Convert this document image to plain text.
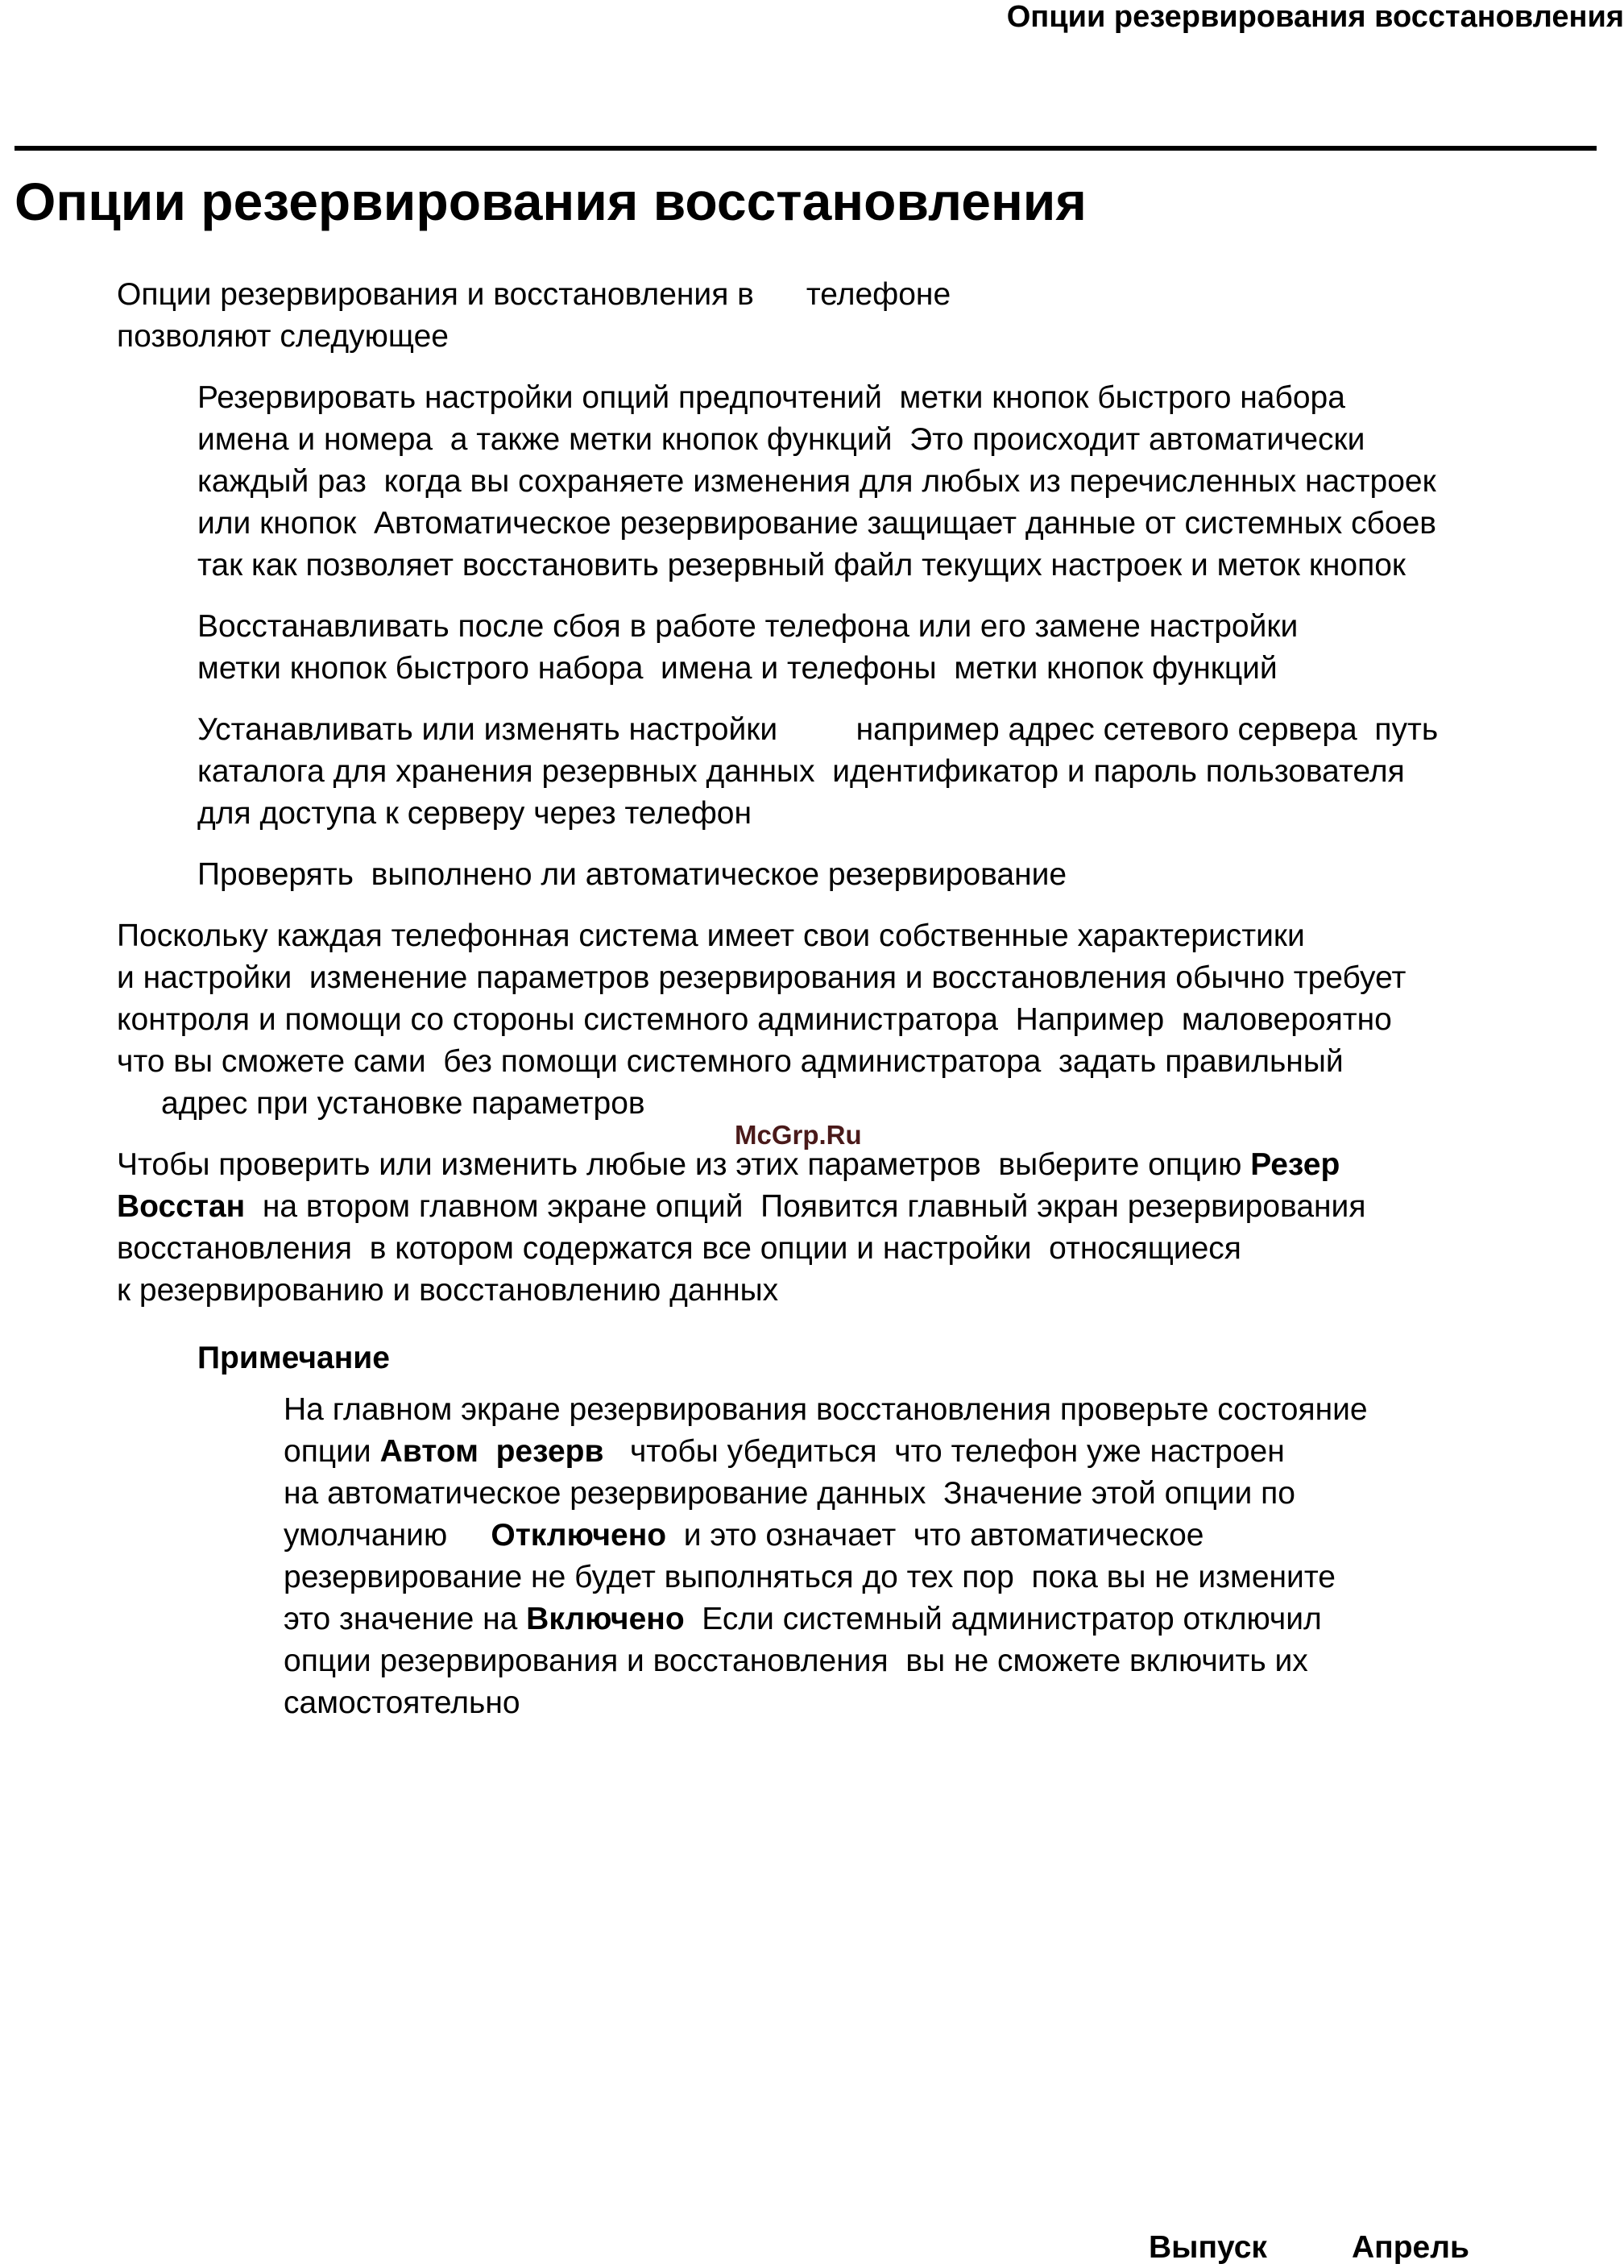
Опции резервирования восстановления
Опции резервирования восстановления
Опции резервирования и восстановления в      телефоне
позволяют следующее
Резервировать настройки опций предпочтений  метки кнопок быстрого набора
имена и номера  а также метки кнопок функций  Это происходит автоматически
каждый раз  когда вы сохраняете изменения для любых из перечисленных настроек
или кнопок  Автоматическое резервирование защищает данные от системных сбоев
так как позволяет восстановить резервный файл текущих настроек и меток кнопок
Восстанавливать после сбоя в работе телефона или его замене настройки
метки кнопок быстрого набора  имена и телефоны  метки кнопок функций
Устанавливать или изменять настройки         например адрес сетевого сервера  путь
каталога для хранения резервных данных  идентификатор и пароль пользователя
для доступа к серверу через телефон
Проверять  выполнено ли автоматическое резервирование
Поскольку каждая телефонная система имеет свои собственные характеристики
и настройки  изменение параметров резервирования и восстановления обычно требует
контроля и помощи со стороны системного администратора  Например  маловероятно
что вы сможете сами  без помощи системного администратора  задать правильный
адрес при установке параметров
McGrp.Ru
Чтобы проверить или изменить любые из этих параметров  выберите опцию Резер
Восстан  на втором главном экране опций  Появится главный экран резервирования
восстановления  в котором содержатся все опции и настройки  относящиеся
к резервированию и восстановлению данных
Примечание
На главном экране резервирования восстановления проверьте состояние
опции Автом  резерв   чтобы убедиться  что телефон уже настроен
на автоматическое резервирование данных  Значение этой опции по
умолчанию     Отключено  и это означает  что автоматическое
резервирование не будет выполняться до тех пор  пока вы не измените
это значение на Включено  Если системный администратор отключил
опции резервирования и восстановления  вы не сможете включить их
самостоятельно
Выпуск	Апрель
